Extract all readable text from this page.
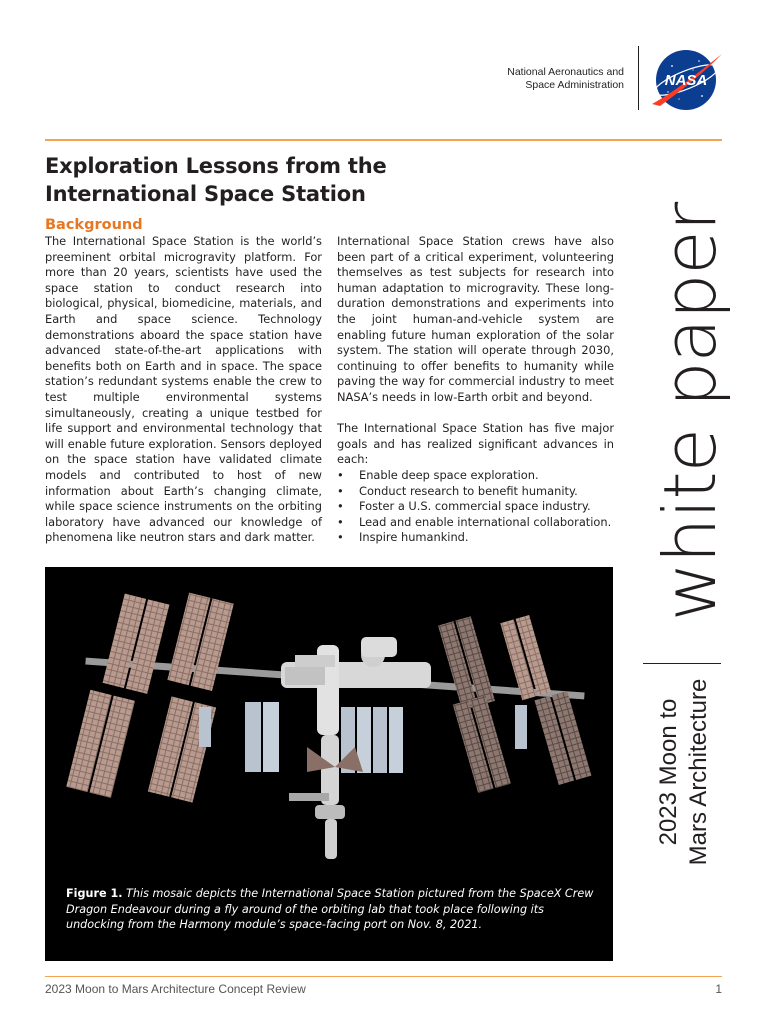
National Aeronautics and
Space Administration	NASA
Exploration Lessons from the International Space Station
Background

The International Space Station is the world’s preeminent orbital microgravity platform. For more than 20 years, scientists have used the space station to conduct research into biological, physical, biomedicine, materials, and Earth and space science. Technology demonstrations aboard the space station have advanced state-of-the-art applications with benefits both on Earth and in space. The space station’s redundant systems enable the crew to test multiple environmental systems simultaneously, creating a unique testbed for life support and environmental technology that will enable future exploration. Sensors deployed on the space station have validated climate models and contributed to host of new information about Earth’s changing climate, while space science instruments on the orbiting laboratory have advanced our knowledge of phenomena like neutron stars and dark matter.

International Space Station crews have also been part of a critical experiment, volunteering themselves as test subjects for research into human adaptation to microgravity. These long-duration demonstrations and experiments into the joint human-and-vehicle system are enabling future human exploration of the solar system. The station will operate through 2030, continuing to offer benefits to humanity while paving the way for commercial industry to meet NASA’s needs in low-Earth orbit and beyond.

The International Space Station has five major goals and has realized significant advances in each:

• Enable deep space exploration.
• Conduct research to benefit humanity.
• Foster a U.S. commercial space industry.
• Lead and enable international collaboration.
• Inspire humankind.
Figure 1. This mosaic depicts the International Space Station pictured from the SpaceX Crew Dragon Endeavour during a fly around of the orbiting lab that took place following its undocking from the Harmony module’s space-facing port on Nov. 8, 2021.
white paper
2023 Moon to Mars Architecture
2023 Moon to Mars Architecture Concept Review	1
